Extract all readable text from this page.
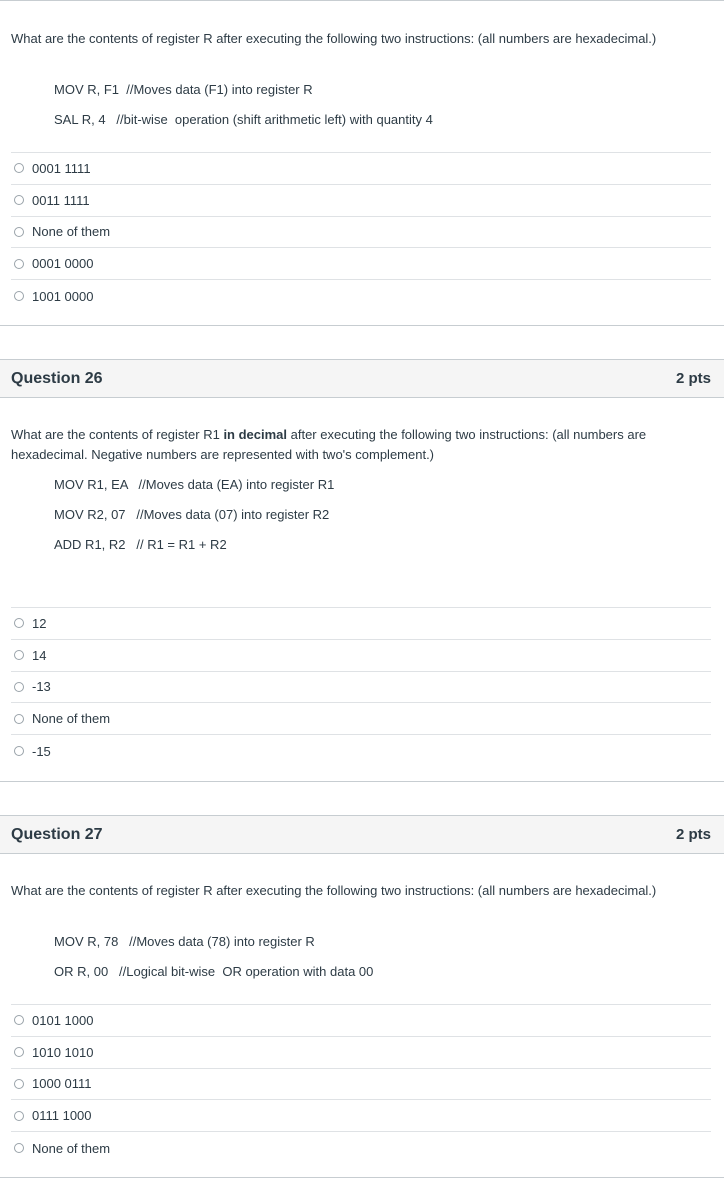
What are the contents of register R after executing the following two instructions: (all numbers are hexadecimal.)
MOV R, F1  //Moves data (F1) into register R
SAL R, 4   //bit-wise  operation (shift arithmetic left) with quantity 4
0001 1111
0011 1111
None of them
0001 0000
1001 0000
Question 26	2 pts
What are the contents of register R1 in decimal after executing the following two instructions: (all numbers are hexadecimal. Negative numbers are represented with two's complement.)
MOV R1, EA   //Moves data (EA) into register R1
MOV R2, 07   //Moves data (07) into register R2
ADD R1, R2   // R1 = R1 + R2
12
14
-13
None of them
-15
Question 27	2 pts
What are the contents of register R after executing the following two instructions: (all numbers are hexadecimal.)
MOV R, 78   //Moves data (78) into register R
OR R, 00   //Logical bit-wise  OR operation with data 00
0101 1000
1010 1010
1000 0111
0111 1000
None of them
